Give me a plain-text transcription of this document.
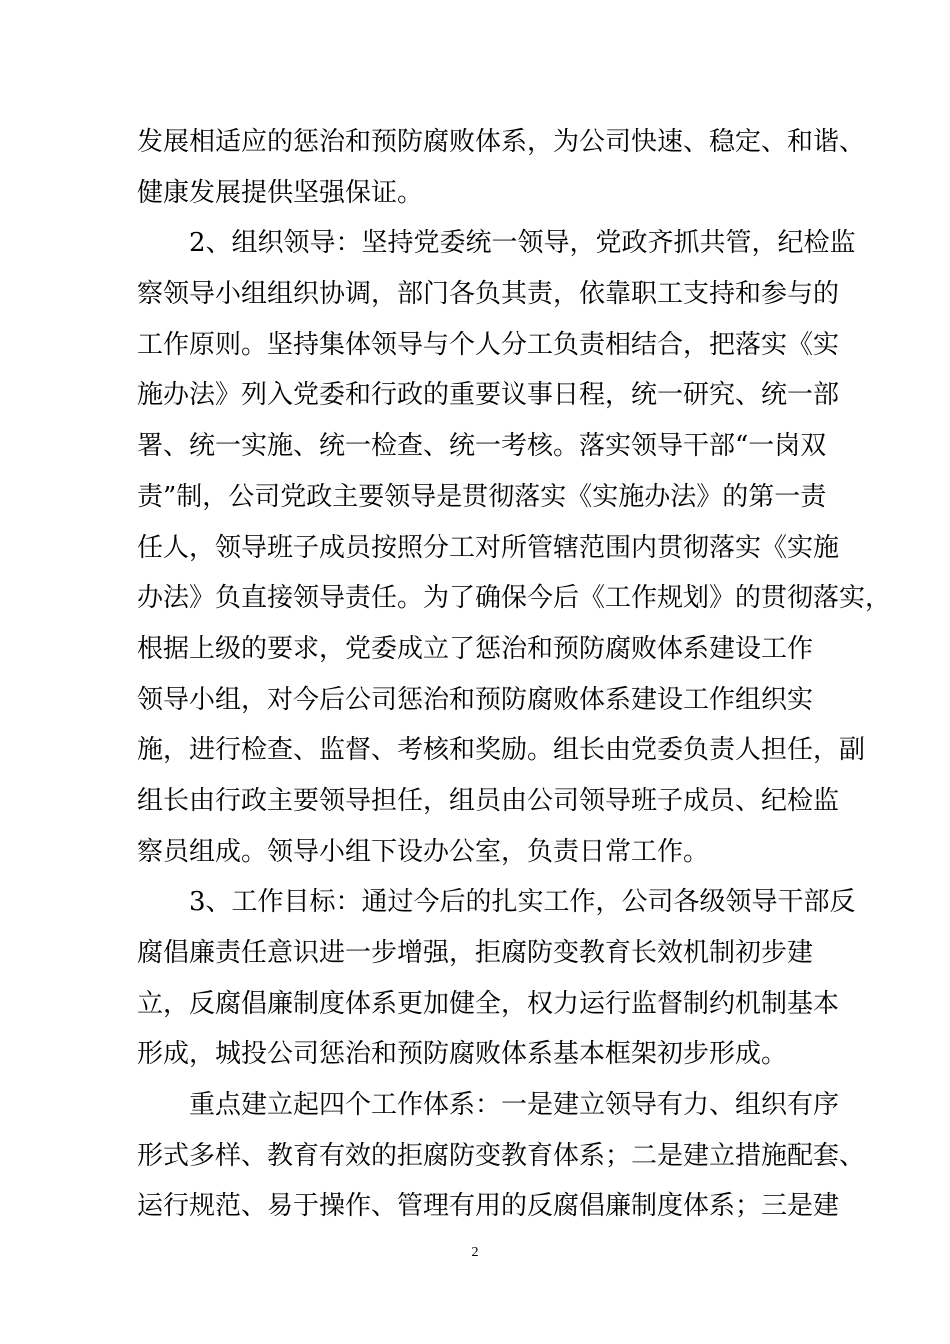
发展相适应的惩治和预防腐败体系，为公司快速、稳定、和谐、
健康发展提供坚强保证。
2、组织领导：坚持党委统一领导，党政齐抓共管，纪检监
察领导小组组织协调，部门各负其责，依靠职工支持和参与的
工作原则。坚持集体领导与个人分工负责相结合，把落实《实
施办法》列入党委和行政的重要议事日程，统一研究、统一部
署、统一实施、统一检查、统一考核。落实领导干部“一岗双
责”制，公司党政主要领导是贯彻落实《实施办法》的第一责
任人，领导班子成员按照分工对所管辖范围内贯彻落实《实施
办法》负直接领导责任。为了确保今后《工作规划》的贯彻落实，
根据上级的要求，党委成立了惩治和预防腐败体系建设工作
领导小组，对今后公司惩治和预防腐败体系建设工作组织实
施，进行检查、监督、考核和奖励。组长由党委负责人担任，副
组长由行政主要领导担任，组员由公司领导班子成员、纪检监
察员组成。领导小组下设办公室，负责日常工作。
3、工作目标：通过今后的扎实工作，公司各级领导干部反
腐倡廉责任意识进一步增强，拒腐防变教育长效机制初步建
立，反腐倡廉制度体系更加健全，权力运行监督制约机制基本
形成，城投公司惩治和预防腐败体系基本框架初步形成。
重点建立起四个工作体系：一是建立领导有力、组织有序
形式多样、教育有效的拒腐防变教育体系；二是建立措施配套、
运行规范、易于操作、管理有用的反腐倡廉制度体系；三是建
2
